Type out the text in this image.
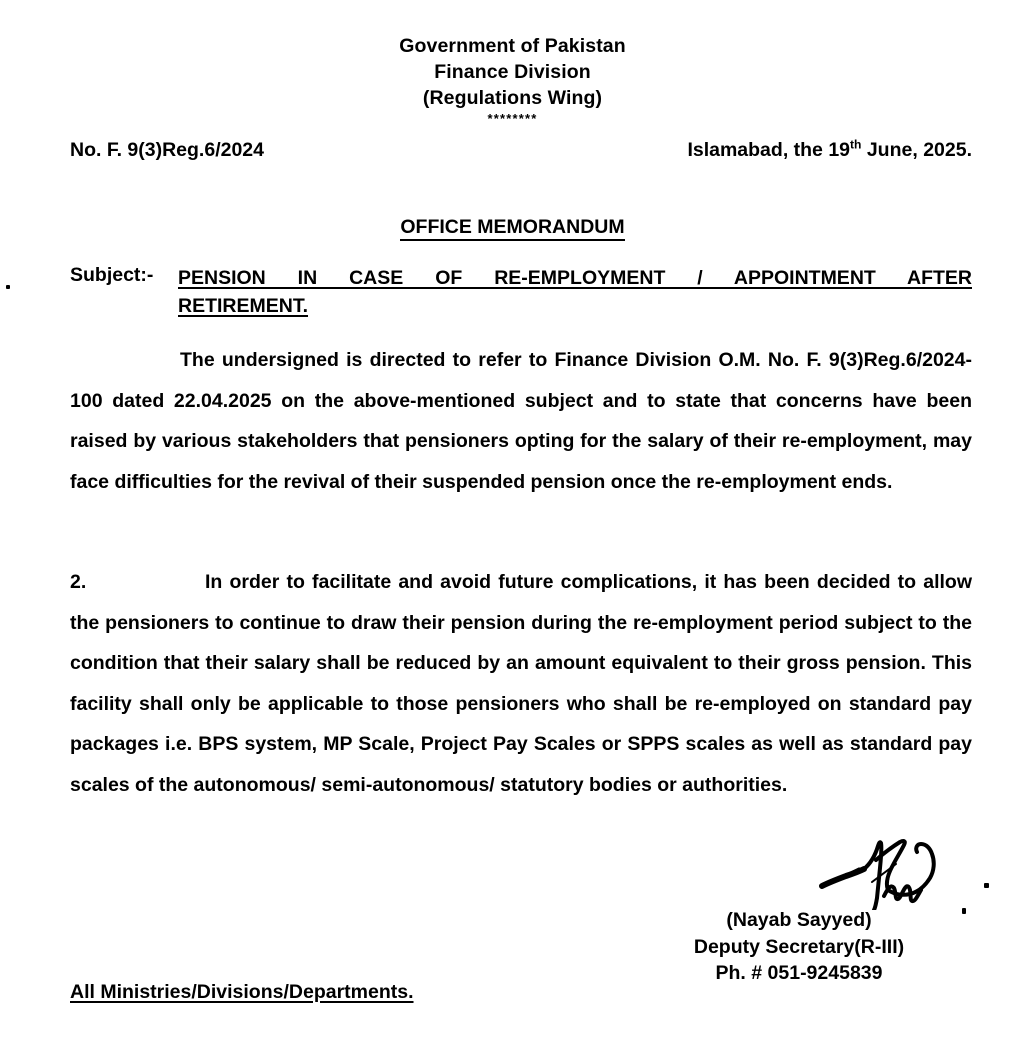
Government of Pakistan
Finance Division
(Regulations Wing)
********
No. F. 9(3)Reg.6/2024	Islamabad, the 19th June, 2025.
OFFICE MEMORANDUM
Subject:- PENSION IN CASE OF RE-EMPLOYMENT / APPOINTMENT AFTER
RETIREMENT.
The undersigned is directed to refer to Finance Division O.M. No. F. 9(3)Reg.6/2024-100 dated 22.04.2025 on the above-mentioned subject and to state that concerns have been raised by various stakeholders that pensioners opting for the salary of their re-employment, may face difficulties for the revival of their suspended pension once the re-employment ends.
2.	In order to facilitate and avoid future complications, it has been decided to allow the pensioners to continue to draw their pension during the re-employment period subject to the condition that their salary shall be reduced by an amount equivalent to their gross pension. This facility shall only be applicable to those pensioners who shall be re-employed on standard pay packages i.e. BPS system, MP Scale, Project Pay Scales or SPPS scales as well as standard pay scales of the autonomous/ semi-autonomous/ statutory bodies or authorities.
(Nayab Sayyed)
Deputy Secretary(R-III)
Ph. # 051-9245839
All Ministries/Divisions/Departments.
